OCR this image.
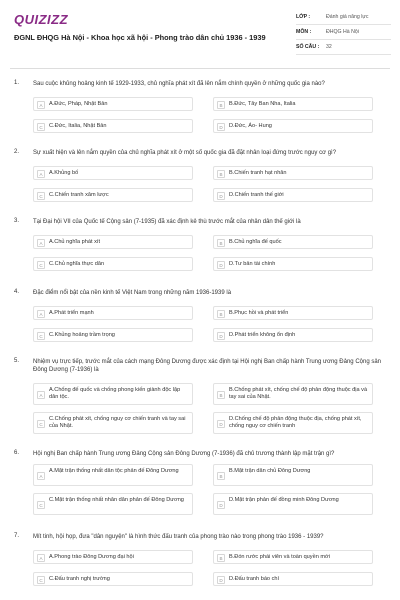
QUIZIZZ
ĐGNL ĐHQG Hà Nội - Khoa học xã hội - Phong trào dân chủ 1936 - 1939
LỚP :	Đánh giá năng lực
MÔN :	ĐHQG Hà Nội
SỐ CÂU :	32
1. Sau cuộc khủng hoảng kinh tế 1929-1933, chủ nghĩa phát xít đã lên nắm chính quyền ở những quốc gia nào?
A	A.Đức, Pháp, Nhật Bản	B	B.Đức, Tây Ban Nha, Italia
C	C.Đức, Italia, Nhật Bản	D	D.Đức, Áo- Hung
2. Sự xuất hiện và lên nắm quyền của chủ nghĩa phát xít ở một số quốc gia đã đặt nhân loại đứng trước nguy cơ gì?
A	A.Khủng bố	B	B.Chiến tranh hạt nhân
C	C.Chiến tranh xâm lược	D	D.Chiến tranh thế giới
3. Tại Đại hội VII của Quốc tế Cộng sản (7-1935) đã xác định kẻ thù trước mắt của nhân dân thế giới là
A	A.Chủ nghĩa phát xít	B	B.Chủ nghĩa đế quốc
C	C.Chủ nghĩa thực dân	D	D.Tư bản tài chính
4. Đặc điểm nổi bật của nền kinh tế Việt Nam trong những năm 1936-1939 là
A	A.Phát triển mạnh	B	B.Phục hồi và phát triển
C	C.Khủng hoảng trầm trọng	D	D.Phát triển không ổn định
5. Nhiệm vụ trực tiếp, trước mắt của cách mạng Đông Dương được xác định tại Hội nghị Ban chấp hành Trung ương Đảng Cộng sản Đông Dương (7-1936) là
A
A.Chống đế quốc và chống phong kiến giành độc lập dân tộc.	B
B.Chống phát xít, chống chế độ phản động thuộc địa và tay sai của Nhật.
C
C.Chống phát xít, chống nguy cơ chiến tranh và tay sai của Nhật.	D
D.Chống chế độ phản động thuộc địa, chống phát xít, chống nguy cơ chiến tranh
6. Hội nghị Ban chấp hành Trung ương Đảng Cộng sản Đông Dương (7-1936) đã chủ trương thành lập mặt trận gì?
A
A.Mặt trận thống nhất dân tộc phản đế Đông Dương
B
B.Mặt trận dân chủ Đông Dương
C
C.Mặt trận thống nhất nhân dân phản đế Đông Dương
D
D.Mặt trận phản đế đồng minh Đông Dương
7. Mít tinh, hội họp, đưa "dân nguyện" là hình thức đấu tranh của phong trào nào trong phong trào 1936 - 1939?
A	A.Phong trào Đông Dương đại hội	B	B.Đón rước phái viên và toàn quyền mới
C	C.Đấu tranh nghị trường	D	D.Đấu tranh báo chí
